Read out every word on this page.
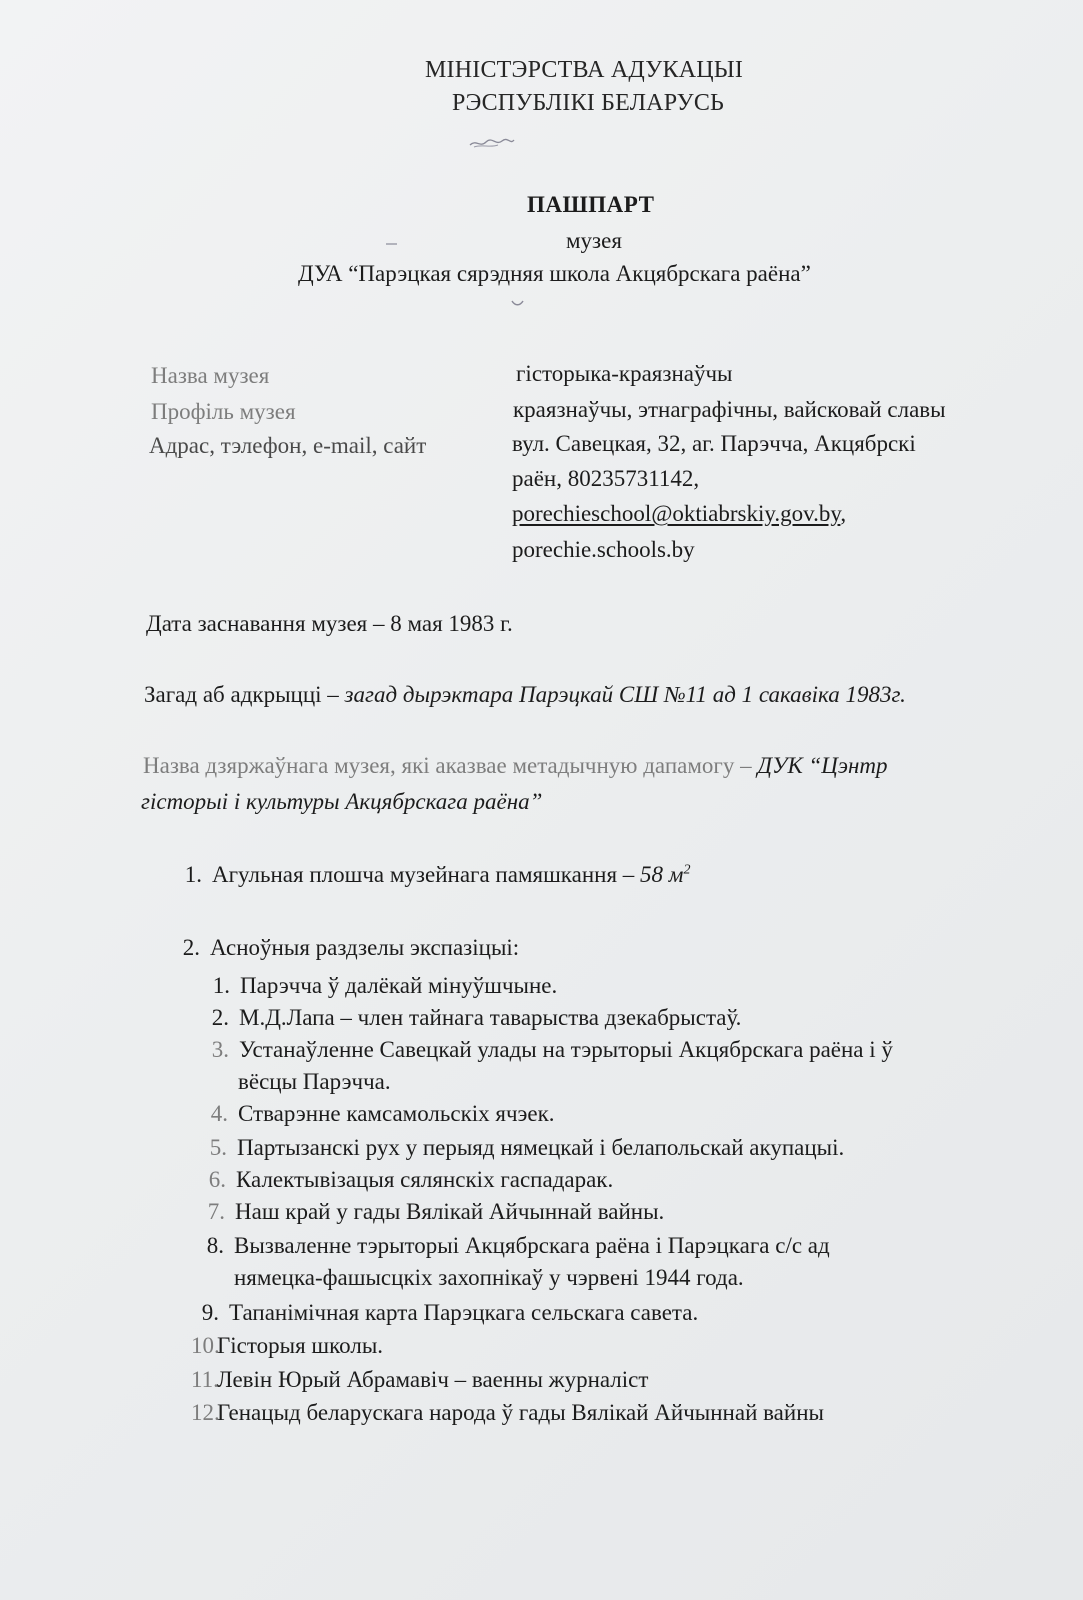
МІНІСТЭРСТВА АДУКАЦЫІ
РЭСПУБЛІКІ БЕЛАРУСЬ
ПАШПАРТ
музея
ДУА “Парэцкая сярэдняя школа Акцябрскага раёна”
Назва музея	гісторыка-краязнаўчы
Профіль музея	краязнаўчы, этнаграфічны, вайсковай славы
Адрас, тэлефон, e-mail, сайт	вул. Савецкая, 32, аг. Парэчча, Акцябрскі
раён, 80235731142,
porechieschool@oktiabrskiy.gov.by,
porechie.schools.by
Дата заснавання музея – 8 мая 1983 г.
Загад аб адкрыцці – загад дырэктара Парэцкай СШ №11 ад 1 сакавіка 1983г.
Назва дзяржаўнага музея, які аказвае метадычную дапамогу – ДУК “Цэнтр
гісторыі і культуры Акцябрскага раёна”
1. Агульная плошча музейнага памяшкання – 58 $м^2$
2. Асноўныя раздзелы экспазіцыі:
1. Парэчча ў далёкай мінуўшчыне.
2. М.Д.Лапа – член тайнага таварыства дзекабрыстаў.
3. Устанаўленне Савецкай улады на тэрыторыі Акцябрскага раёна і ў
вёсцы Парэчча.
4. Стварэнне камсамольскіх ячэек.
5. Партызанскі рух у перыяд нямецкай і белапольскай акупацыі.
6. Калектывізацыя сялянскіх гаспадарак.
7. Наш край у гады Вялікай Айчыннай вайны.
8. Вызваленне тэрыторыі Акцябрскага раёна і Парэцкага с/с ад
нямецка-фашысцкіх захопнікаў у чэрвені 1944 года.
9. Тапанімічная карта Парэцкага сельскага савета.
10.Гісторыя школы.
11.Левін Юрый Абрамавіч – ваенны журналіст
12.Генацыд беларускага народа ў гады Вялікай Айчыннай вайны
